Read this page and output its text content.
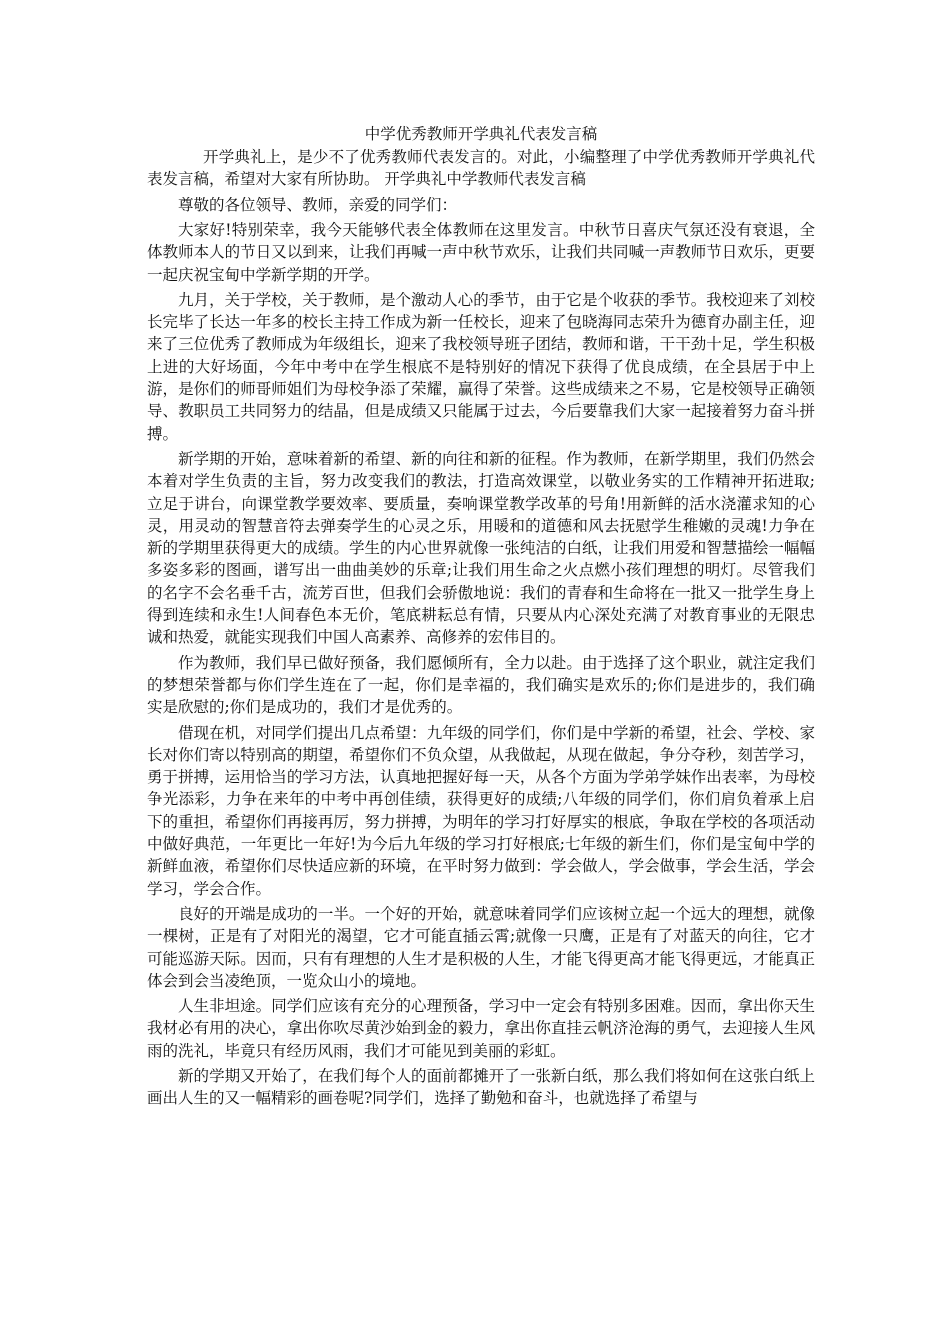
中学优秀教师开学典礼代表发言稿

开学典礼上，是少不了优秀教师代表发言的。对此，小编整理了中学优秀教师开学典礼代表发言稿，希望对大家有所协助。 开学典礼中学教师代表发言稿

尊敬的各位领导、教师，亲爱的同学们：

大家好!特别荣幸，我今天能够代表全体教师在这里发言。中秋节日喜庆气氛还没有衰退，全体教师本人的节日又以到来，让我们再喊一声中秋节欢乐，让我们共同喊一声教师节日欢乐，更要一起庆祝宝甸中学新学期的开学。

九月，关于学校，关于教师，是个激动人心的季节，由于它是个收获的季节。我校迎来了刘校长完毕了长达一年多的校长主持工作成为新一任校长，迎来了包晓海同志荣升为德育办副主任，迎来了三位优秀了教师成为年级组长，迎来了我校领导班子团结，教师和谐，干干劲十足，学生积极上进的大好场面，今年中考中在学生根底不是特别好的情况下获得了优良成绩，在全县居于中上游，是你们的师哥师姐们为母校争添了荣耀，赢得了荣誉。这些成绩来之不易，它是校领导正确领导、教职员工共同努力的结晶，但是成绩又只能属于过去，今后要靠我们大家一起接着努力奋斗拼搏。

新学期的开始，意味着新的希望、新的向往和新的征程。作为教师，在新学期里，我们仍然会本着对学生负责的主旨，努力改变我们的教法，打造高效课堂，以敬业务实的工作精神开拓进取;立足于讲台，向课堂教学要效率、要质量，奏响课堂教学改革的号角!用新鲜的活水浇灌求知的心灵，用灵动的智慧音符去弹奏学生的心灵之乐，用暖和的道德和风去抚慰学生稚嫩的灵魂!力争在新的学期里获得更大的成绩。学生的内心世界就像一张纯洁的白纸，让我们用爱和智慧描绘一幅幅多姿多彩的图画，谱写出一曲曲美妙的乐章;让我们用生命之火点燃小孩们理想的明灯。尽管我们的名字不会名垂千古，流芳百世，但我们会骄傲地说：我们的青春和生命将在一批又一批学生身上得到连续和永生!人间春色本无价，笔底耕耘总有情，只要从内心深处充满了对教育事业的无限忠诚和热爱，就能实现我们中国人高素养、高修养的宏伟目的。

作为教师，我们早已做好预备，我们愿倾所有，全力以赴。由于选择了这个职业，就注定我们的梦想荣誉都与你们学生连在了一起，你们是幸福的，我们确实是欢乐的;你们是进步的，我们确实是欣慰的;你们是成功的，我们才是优秀的。

借现在机，对同学们提出几点希望：九年级的同学们，你们是中学新的希望，社会、学校、家长对你们寄以特别高的期望，希望你们不负众望，从我做起，从现在做起，争分夺秒，刻苦学习，勇于拼搏，运用恰当的学习方法，认真地把握好每一天，从各个方面为学弟学妹作出表率，为母校争光添彩，力争在来年的中考中再创佳绩，获得更好的成绩;八年级的同学们，你们肩负着承上启下的重担，希望你们再接再厉，努力拼搏，为明年的学习打好厚实的根底，争取在学校的各项活动中做好典范，一年更比一年好!为今后九年级的学习打好根底;七年级的新生们，你们是宝甸中学的新鲜血液，希望你们尽快适应新的环境，在平时努力做到：学会做人，学会做事，学会生活，学会学习，学会合作。

良好的开端是成功的一半。一个好的开始，就意味着同学们应该树立起一个远大的理想，就像一棵树，正是有了对阳光的渴望，它才可能直插云霄;就像一只鹰，正是有了对蓝天的向往，它才可能巡游天际。因而，只有有理想的人生才是积极的人生，才能飞得更高才能飞得更远，才能真正体会到会当凌绝顶，一览众山小的境地。

人生非坦途。同学们应该有充分的心理预备，学习中一定会有特别多困难。因而，拿出你天生我材必有用的决心，拿出你吹尽黄沙始到金的毅力，拿出你直挂云帆济沧海的勇气，去迎接人生风雨的洗礼，毕竟只有经历风雨，我们才可能见到美丽的彩虹。

新的学期又开始了，在我们每个人的面前都摊开了一张新白纸，那么我们将如何在这张白纸上画出人生的又一幅精彩的画卷呢?同学们，选择了勤勉和奋斗，也就选择了希望与
